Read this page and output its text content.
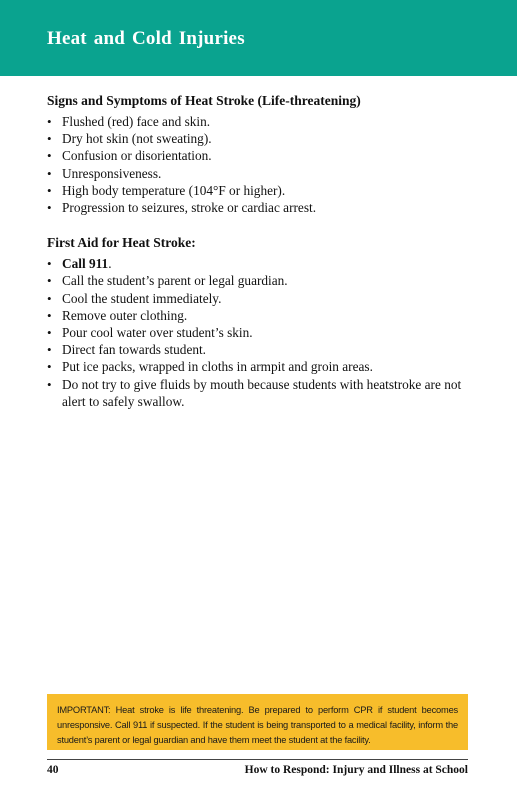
Heat and Cold Injuries
Signs and Symptoms of Heat Stroke (Life-threatening)
• Flushed (red) face and skin.
• Dry hot skin (not sweating).
• Confusion or disorientation.
• Unresponsiveness.
• High body temperature (104°F or higher).
• Progression to seizures, stroke or cardiac arrest.
First Aid for Heat Stroke:
• Call 911.
• Call the student’s parent or legal guardian.
• Cool the student immediately.
• Remove outer clothing.
• Pour cool water over student’s skin.
• Direct fan towards student.
• Put ice packs, wrapped in cloths in armpit and groin areas.
• Do not try to give fluids by mouth because students with heatstroke are not alert to safely swallow.
IMPORTANT: Heat stroke is life threatening. Be prepared to perform CPR if student becomes unresponsive. Call 911 if suspected. If the student is being transported to a medical facility, inform the student’s parent or legal guardian and have them meet the student at the facility.
40	How to Respond: Injury and Illness at School
